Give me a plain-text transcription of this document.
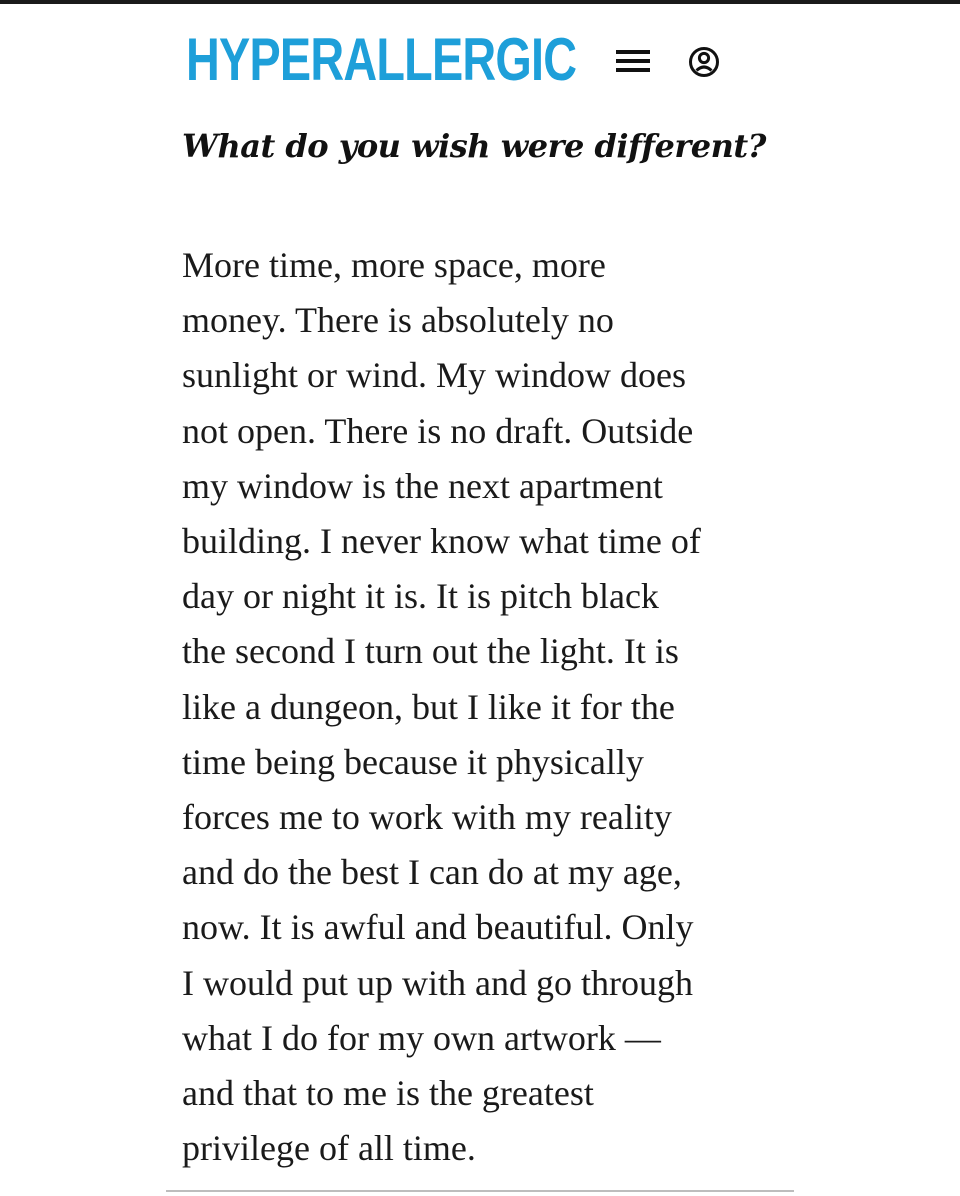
HYPERALLERGIC
What do you wish were different?
More time, more space, more
money. There is absolutely no
sunlight or wind. My window does
not open. There is no draft. Outside
my window is the next apartment
building. I never know what time of
day or night it is. It is pitch black
the second I turn out the light. It is
like a dungeon, but I like it for the
time being because it physically
forces me to work with my reality
and do the best I can do at my age,
now. It is awful and beautiful. Only
I would put up with and go through
what I do for my own artwork —
and that to me is the greatest
privilege of all time.
